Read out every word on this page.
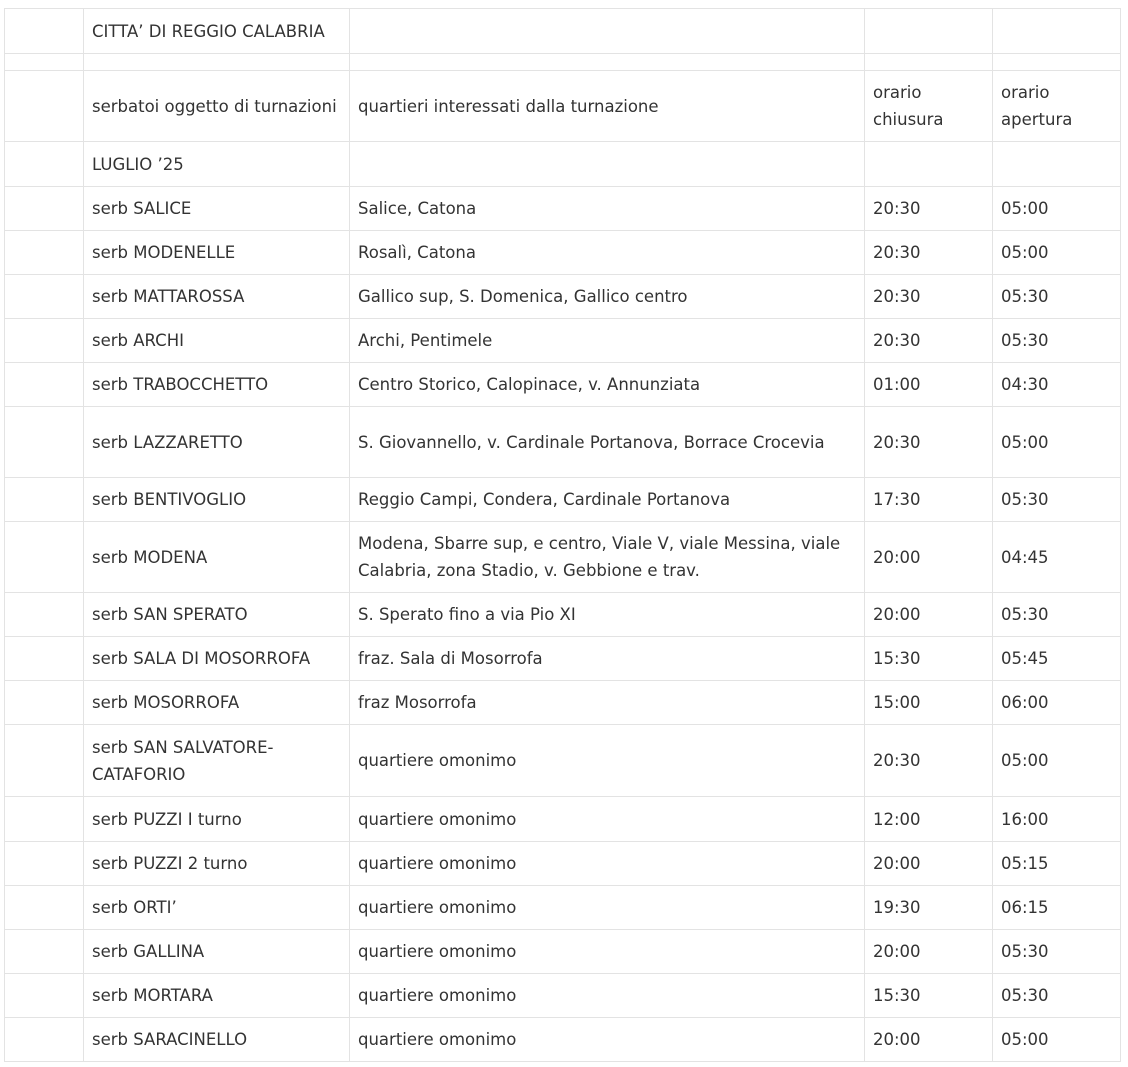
	CITTA’ DI REGGIO CALABRIA			

	serbatoi oggetto di turnazioni	quartieri interessati dalla turnazione	orario chiusura	orario apertura
	LUGLIO ’25			
	serb SALICE	Salice, Catona	20:30	05:00
	serb MODENELLE	Rosalì, Catona	20:30	05:00
	serb MATTAROSSA	Gallico sup, S. Domenica, Gallico centro	20:30	05:30
	serb ARCHI	Archi, Pentimele	20:30	05:30
	serb TRABOCCHETTO	Centro Storico, Calopinace, v. Annunziata	01:00	04:30
	serb LAZZARETTO	S. Giovannello, v. Cardinale Portanova, Borrace Crocevia	20:30	05:00
	serb BENTIVOGLIO	Reggio Campi, Condera, Cardinale Portanova	17:30	05:30
	serb MODENA	Modena, Sbarre sup, e centro, Viale V, viale Messina, viale Calabria, zona Stadio, v. Gebbione e trav.	20:00	04:45
	serb SAN SPERATO	S. Sperato fino a via Pio XI	20:00	05:30
	serb SALA DI MOSORROFA	fraz. Sala di Mosorrofa	15:30	05:45
	serb MOSORROFA	fraz Mosorrofa	15:00	06:00
	serb SAN SALVATORE-CATAFORIO	quartiere omonimo	20:30	05:00
	serb PUZZI I turno	quartiere omonimo	12:00	16:00
	serb PUZZI 2 turno	quartiere omonimo	20:00	05:15
	serb ORTI’	quartiere omonimo	19:30	06:15
	serb GALLINA	quartiere omonimo	20:00	05:30
	serb MORTARA	quartiere omonimo	15:30	05:30
	serb SARACINELLO	quartiere omonimo	20:00	05:00
